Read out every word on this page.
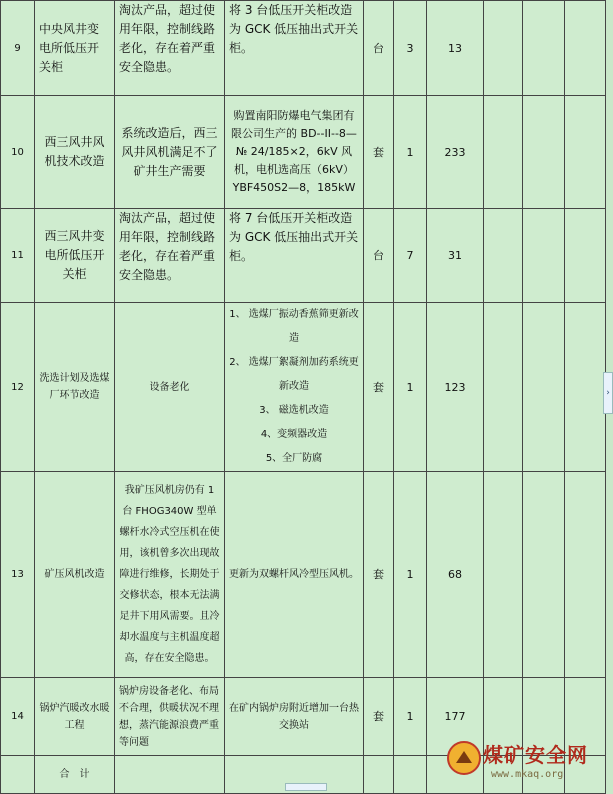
9	中央风井变电所低压开关柜	淘汰产品，超过使用年限，控制线路老化，存在着严重安全隐患。	将 3 台低压开关柜改造为 GCK 低压抽出式开关柜。	台	3	13			
10	西三风井风机技术改造	系统改造后，西三风井风机满足不了矿井生产需要	购置南阳防爆电气集团有限公司生产的 BD--II--8—№ 24/185×2，6kV 风机，电机选高压（6kV）YBF450S2—8，185kW	套	1	233			
11	西三风井变电所低压开关柜	淘汰产品，超过使用年限，控制线路老化，存在着严重安全隐患。	将 7 台低压开关柜改造为 GCK 低压抽出式开关柜。	台	7	31			
12	洗选计划及选煤厂环节改造	设备老化	1、 选煤厂振动香蕉筛更新改造
2、 选煤厂絮凝剂加药系统更新改造
3、 磁选机改造
4、变频器改造
5、全厂防腐	套	1	123			
13	矿压风机改造	我矿压风机房仍有 1 台 FHOG340W 型单螺杆水冷式空压机在使用，该机曾多次出现故障进行维修，长期处于交修状态，根本无法满足井下用风需要。且冷却水温度与主机温度超高，存在安全隐患。	更新为双螺杆风冷型压风机。	套	1	68			
14	锅炉汽暖改水暖工程	锅炉房设备老化、布局不合理，供暖状况不理想，蒸汽能源浪费严重等问题	在矿内锅炉房附近增加一台热交换站	套	1	177			
	合　计								
›
煤矿安全网
www.mkaq.org
